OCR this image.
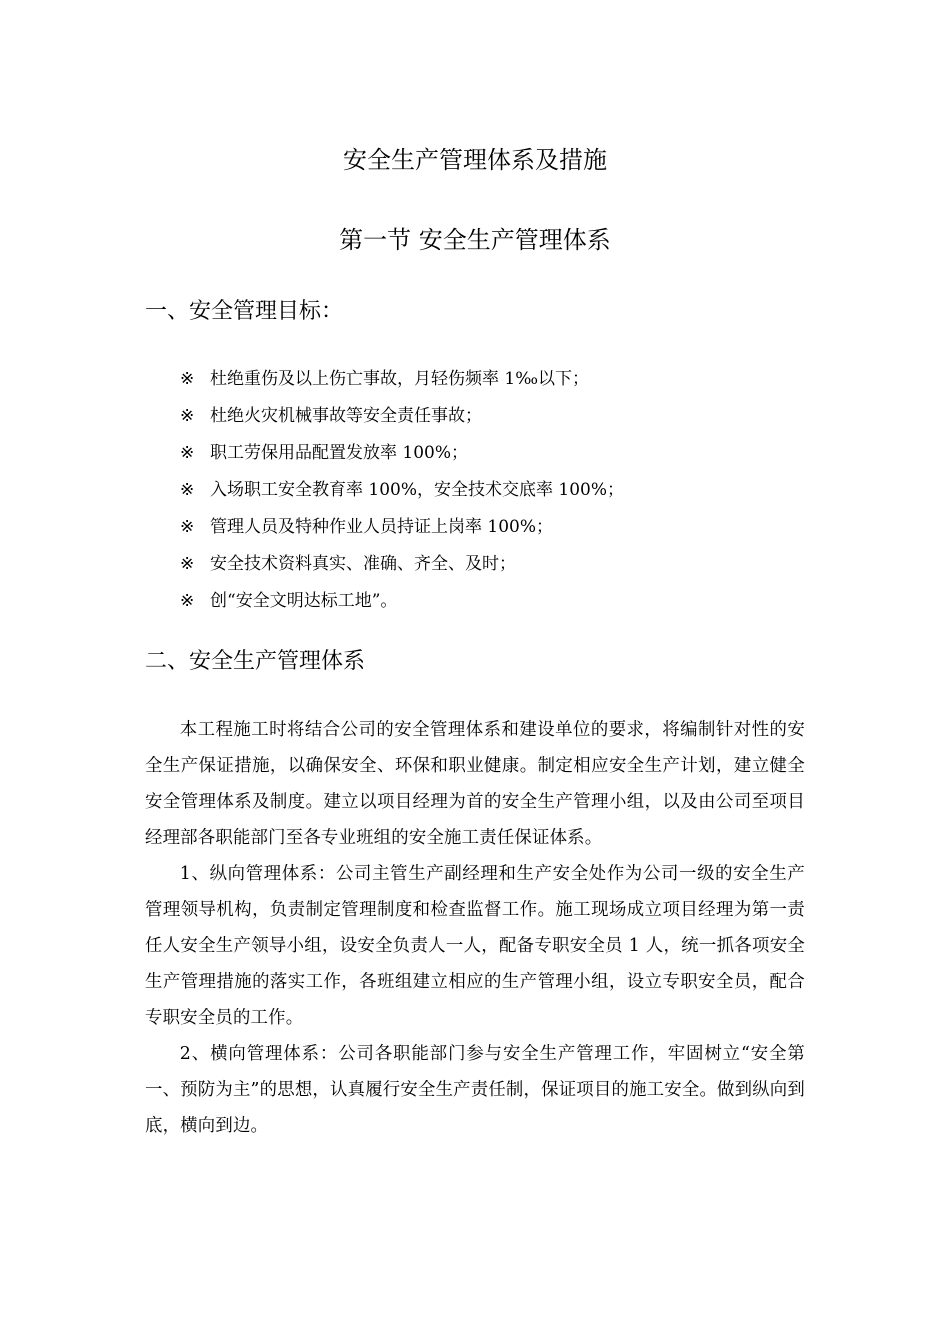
安全生产管理体系及措施
第一节 安全生产管理体系
一、安全管理目标：
※ 杜绝重伤及以上伤亡事故，月轻伤频率 1‰以下；
※ 杜绝火灾机械事故等安全责任事故；
※ 职工劳保用品配置发放率 100%；
※ 入场职工安全教育率 100%，安全技术交底率 100%；
※ 管理人员及特种作业人员持证上岗率 100%；
※ 安全技术资料真实、准确、齐全、及时；
※ 创“安全文明达标工地”。
二、安全生产管理体系

本工程施工时将结合公司的安全管理体系和建设单位的要求，将编制针对性的安全生产保证措施，以确保安全、环保和职业健康。制定相应安全生产计划，建立健全安全管理体系及制度。建立以项目经理为首的安全生产管理小组，以及由公司至项目经理部各职能部门至各专业班组的安全施工责任保证体系。

1、纵向管理体系：公司主管生产副经理和生产安全处作为公司一级的安全生产管理领导机构，负责制定管理制度和检查监督工作。施工现场成立项目经理为第一责任人安全生产领导小组，设安全负责人一人，配备专职安全员 1 人，统一抓各项安全生产管理措施的落实工作，各班组建立相应的生产管理小组，设立专职安全员，配合专职安全员的工作。

2、横向管理体系：公司各职能部门参与安全生产管理工作，牢固树立“安全第一、预防为主”的思想，认真履行安全生产责任制，保证项目的施工安全。做到纵向到底，横向到边。
